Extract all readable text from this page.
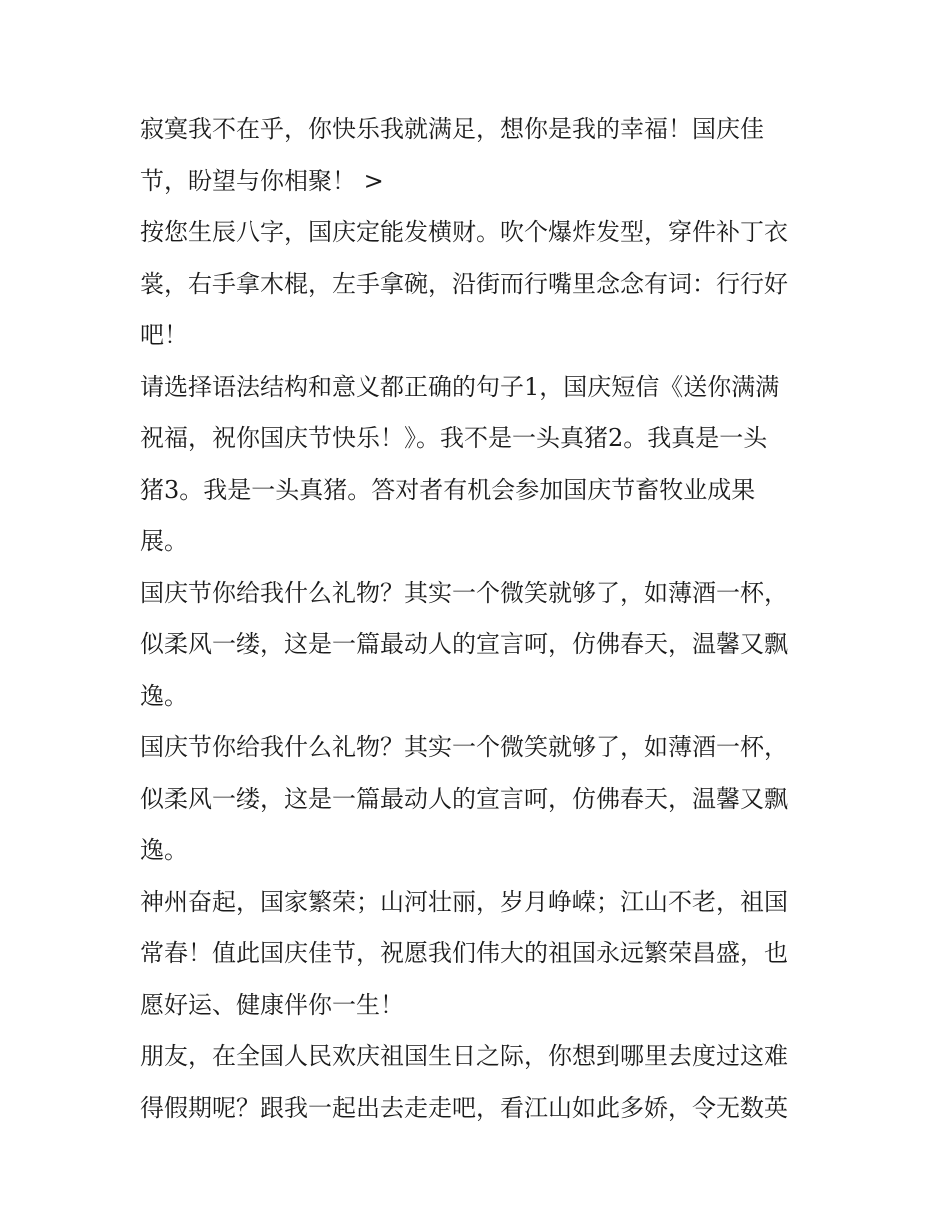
寂寞我不在乎，你快乐我就满足，想你是我的幸福！国庆佳
节，盼望与你相聚！ >

按您生辰八字，国庆定能发横财。吹个爆炸发型，穿件补丁衣
裳，右手拿木棍，左手拿碗，沿街而行嘴里念念有词：行行好
吧！

请选择语法结构和意义都正确的句子1，国庆短信《送你满满
祝福，祝你国庆节快乐！》。我不是一头真猪2。我真是一头
猪3。我是一头真猪。答对者有机会参加国庆节畜牧业成果
展。

国庆节你给我什么礼物？其实一个微笑就够了，如薄酒一杯，
似柔风一缕，这是一篇最动人的宣言呵，仿佛春天，温馨又飘
逸。

国庆节你给我什么礼物？其实一个微笑就够了，如薄酒一杯，
似柔风一缕，这是一篇最动人的宣言呵，仿佛春天，温馨又飘
逸。

神州奋起，国家繁荣；山河壮丽，岁月峥嵘；江山不老，祖国
常春！值此国庆佳节，祝愿我们伟大的祖国永远繁荣昌盛，也
愿好运、健康伴你一生！

朋友，在全国人民欢庆祖国生日之际，你想到哪里去度过这难
得假期呢？跟我一起出去走走吧，看江山如此多娇，令无数英
